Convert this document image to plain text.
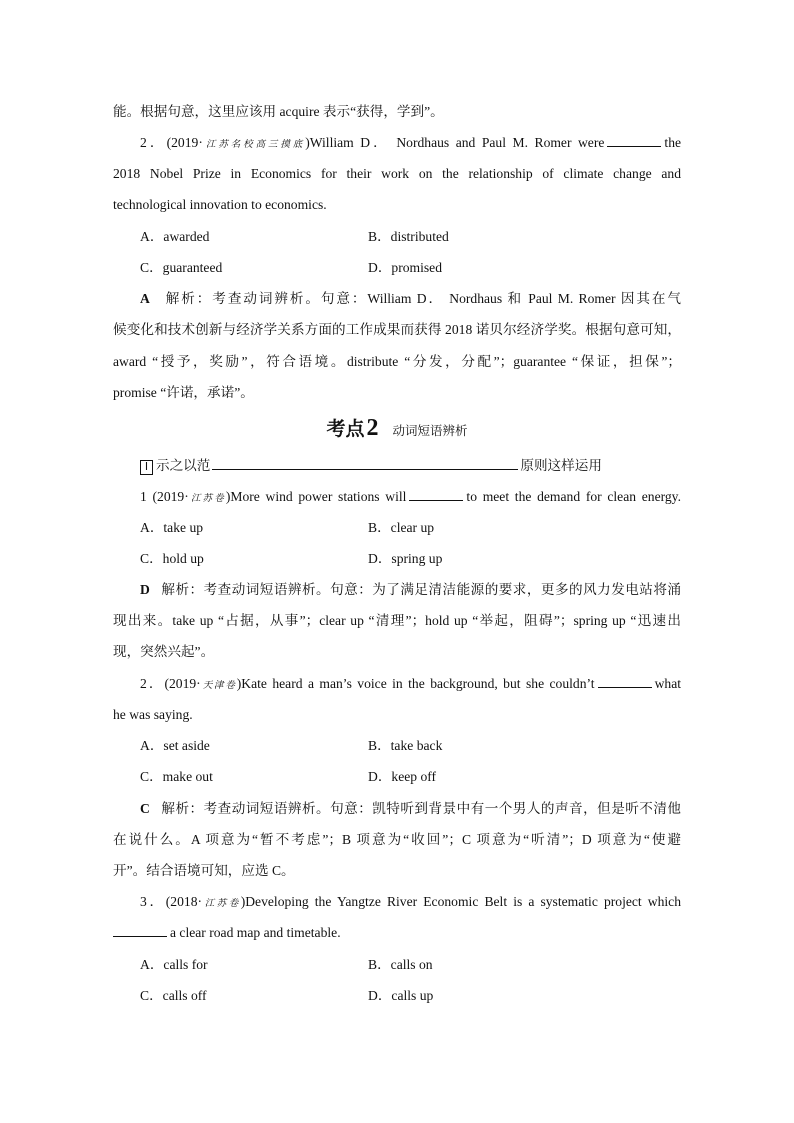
能。根据句意，这里应该用 acquire 表示“获得，学到”。
2．(2019·江苏名校高三摸底)William D． Nordhaus and Paul M. Romer were	the
2018 Nobel Prize in Economics for their work on the relationship of climate change and
technological innovation to economics.
A．awarded	B．distributed
C．guaranteed	D．promised
A 解析：考查动词辨析。句意：William D． Nordhaus 和 Paul M. Romer 因其在气
候变化和技术创新与经济学关系方面的工作成果而获得 2018 诺贝尔经济学奖。根据句意可知，
award “授予，奖励”，符合语境。distribute “分发，分配”；guarantee “保证，担保”；
promise “许诺，承诺”。
考点2 动词短语辨析
Ⅰ 示之以范	原则这样运用
1 (2019·江苏卷)More wind power stations will	to meet the demand for clean energy.
A．take up	B．clear up
C．hold up	D．spring up
D 解析：考查动词短语辨析。句意：为了满足清洁能源的要求，更多的风力发电站将涌
现出来。take up “占据，从事”；clear up “清理”；hold up “举起，阻碍”；spring up “迅速出
现，突然兴起”。
2．(2019·天津卷)Kate heard a man’s voice in the background, but she couldn’t	what
he was saying.
A．set aside	B．take back
C．make out	D．keep off
C 解析：考查动词短语辨析。句意：凯特听到背景中有一个男人的声音，但是听不清他
在说什么。A 项意为“暂不考虑”；B 项意为“收回”；C 项意为“听清”；D 项意为“使避
开”。结合语境可知，应选 C。
3．(2018·江苏卷)Developing the Yangtze River Economic Belt is a systematic project which
a clear road map and timetable.
A．calls for	B．calls on
C．calls off	D．calls up
